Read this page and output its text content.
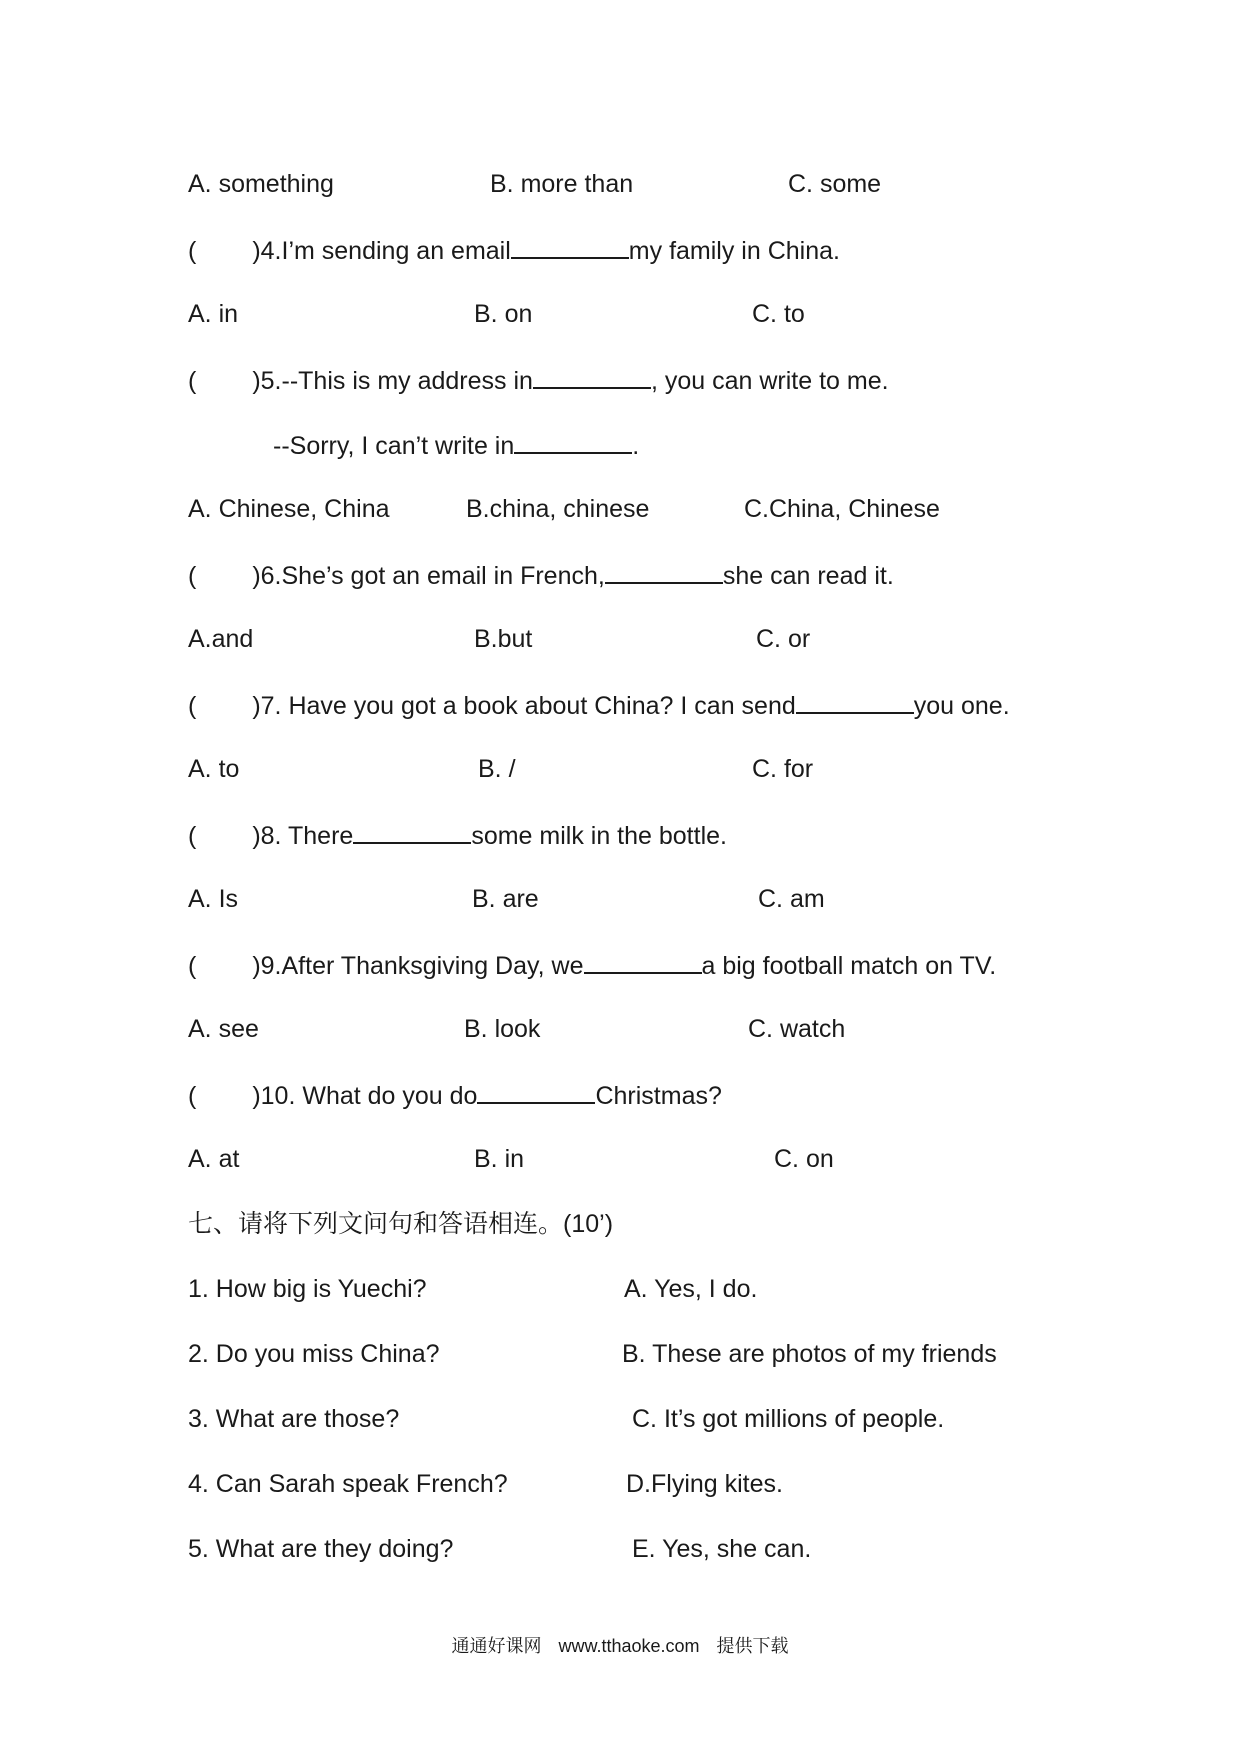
A. something	B. more than	C. some
( )4.I’m sending an email	my family in China.
A. in	B. on	C. to
( )5.--This is my address in	, you can write to me.
--Sorry, I can’t write in	.
A. Chinese, China	B.china, chinese	C.China, Chinese
( )6.She’s got an email in French,	she can read it.
A.and	B.but	C. or
( )7. Have you got a book about China? I can send	you one.
A. to	B. /	C. for
( )8. There	some milk in the bottle.
A. Is	B. are	C. am
( )9.After Thanksgiving Day, we	a big football match on TV.
A. see	B. look	C. watch
( )10. What do you do	Christmas?
A. at	B. in	C. on
七、请将下列文问句和答语相连。(10’)
1. How big is Yuechi?	A. Yes, I do.
2. Do you miss China?	B. These are photos of my friends
3. What are those?	C. It’s got millions of people.
4. Can Sarah speak French?	D.Flying kites.
5. What are they doing?	E. Yes, she can.
通通好课网 www.tthaoke.com 提供下载
